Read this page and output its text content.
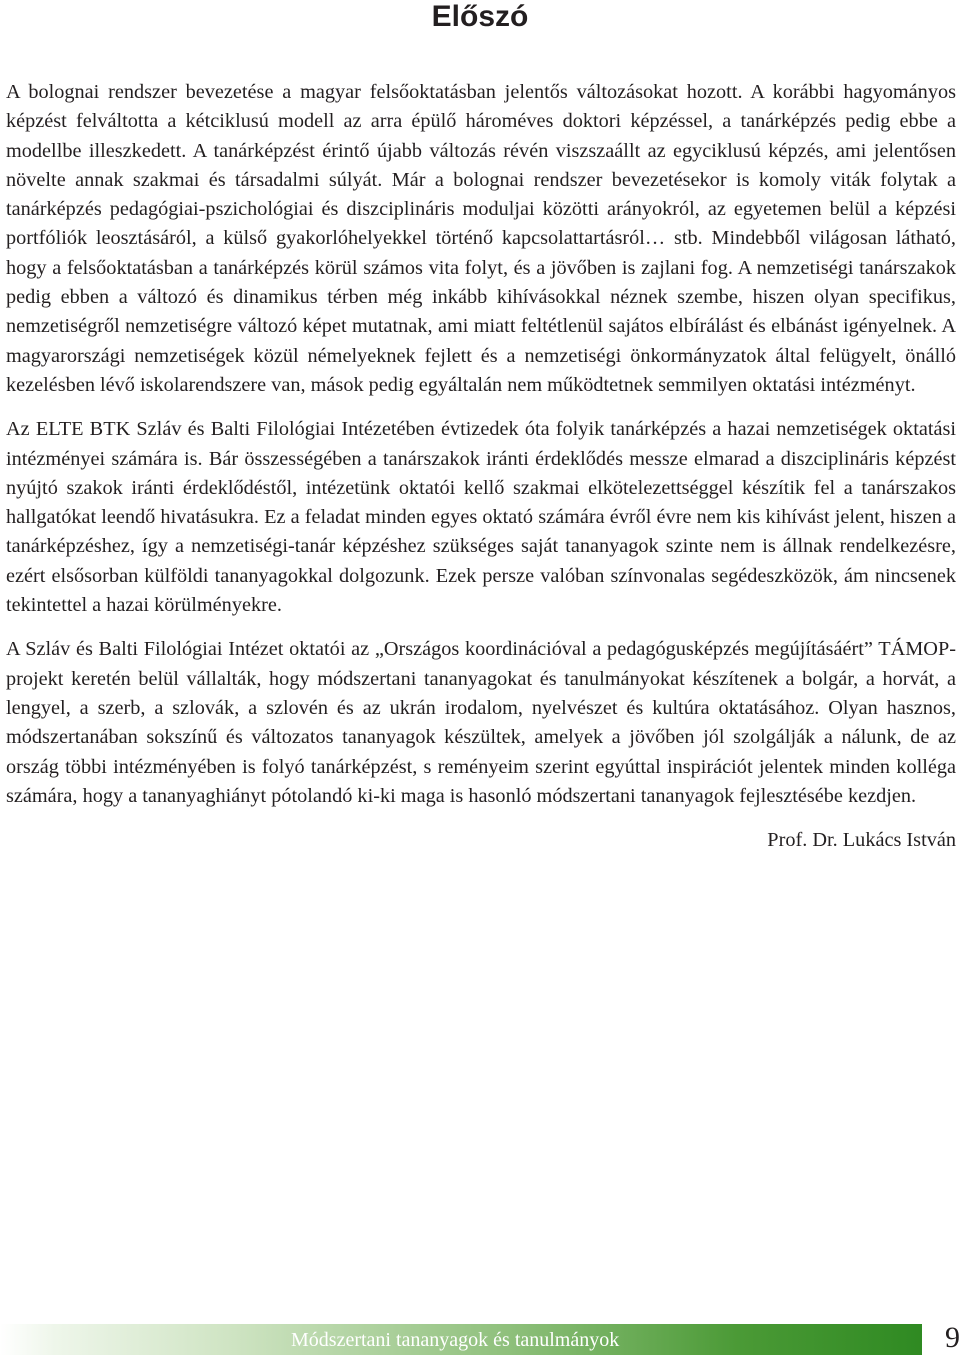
Előszó

A bolognai rendszer bevezetése a magyar felsőoktatásban jelentős változásokat hozott. A korábbi hagyományos képzést felváltotta a kétciklusú modell az arra épülő hároméves doktori képzéssel, a tanárképzés pedig ebbe a modellbe illeszkedett. A tanárképzést érintő újabb változás révén viszszaállt az egyciklusú képzés, ami jelentősen növelte annak szakmai és társadalmi súlyát. Már a bolognai rendszer bevezetésekor is komoly viták folytak a tanárképzés pedagógiai-pszichológiai és diszciplináris moduljai közötti arányokról, az egyetemen belül a képzési portfóliók leosztásáról, a külső gyakorlóhelyekkel történő kapcsolattartásról… stb. Mindebből világosan látható, hogy a felsőoktatásban a tanárképzés körül számos vita folyt, és a jövőben is zajlani fog. A nemzetiségi tanárszakok pedig ebben a változó és dinamikus térben még inkább kihívásokkal néznek szembe, hiszen olyan specifikus, nemzetiségről nemzetiségre változó képet mutatnak, ami miatt feltétlenül sajátos elbírálást és elbánást igényelnek. A magyarországi nemzetiségek közül némelyeknek fejlett és a nemzetiségi önkormányzatok által felügyelt, önálló kezelésben lévő iskolarendszere van, mások pedig egyáltalán nem működtetnek semmilyen oktatási intézményt.

Az ELTE BTK Szláv és Balti Filológiai Intézetében évtizedek óta folyik tanárképzés a hazai nemzetiségek oktatási intézményei számára is. Bár összességében a tanárszakok iránti érdeklődés messze elmarad a diszciplináris képzést nyújtó szakok iránti érdeklődéstől, intézetünk oktatói kellő szakmai elkötelezettséggel készítik fel a tanárszakos hallgatókat leendő hivatásukra. Ez a feladat minden egyes oktató számára évről évre nem kis kihívást jelent, hiszen a tanárképzéshez, így a nemzetiségi-tanár képzéshez szükséges saját tananyagok szinte nem is állnak rendelkezésre, ezért elsősorban külföldi tananyagokkal dolgozunk. Ezek persze valóban színvonalas segédeszközök, ám nincsenek tekintettel a hazai körülményekre.

A Szláv és Balti Filológiai Intézet oktatói az „Országos koordinációval a pedagógusképzés megújításáért” TÁMOP-projekt keretén belül vállalták, hogy módszertani tananyagokat és tanulmányokat készítenek a bolgár, a horvát, a lengyel, a szerb, a szlovák, a szlovén és az ukrán irodalom, nyelvészet és kultúra oktatásához. Olyan hasznos, módszertanában sokszínű és változatos tananyagok készültek, amelyek a jövőben jól szolgálják a nálunk, de az ország többi intézményében is folyó tanárképzést, s reményeim szerint egyúttal inspirációt jelentek minden kolléga számára, hogy a tananyaghiányt pótolandó ki-ki maga is hasonló módszertani tananyagok fejlesztésébe kezdjen.

Prof. Dr. Lukács István

Módszertani tananyagok és tanulmányok	9
